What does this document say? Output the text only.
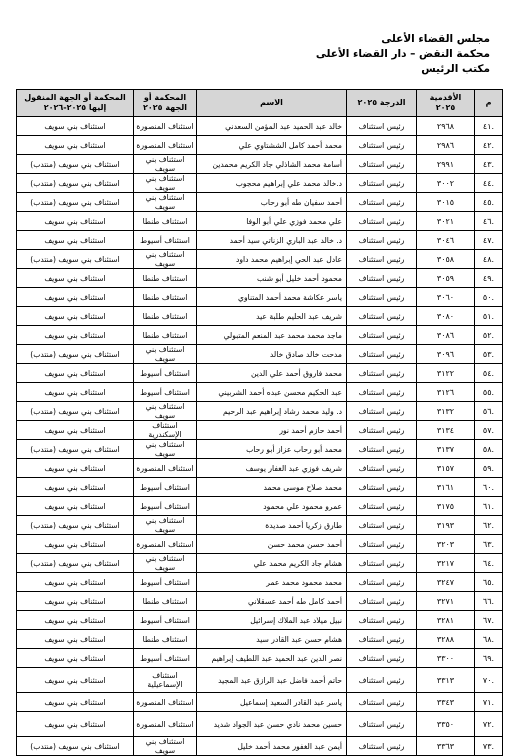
مجلس القضاء الأعلى
محكمة النقض – دار القضاء الأعلى
مكتب الرئيس
م	الأقدمية ٢٠٢٥	الدرجة ٢٠٢٥	الاسم	المحكمة أو الجهة ٢٠٢٥	المحكمة أو الجهة المنقول إليها ٢٠٢٥-٢٠٢٦
.٤١	٢٩٦٨	رئيس استئناف	خالد عبد الحميد عبد المؤمن السعدني	استئناف المنصورة	استئناف بني سويف
.٤٢	٢٩٨٦	رئيس استئناف	محمد أحمد كامل الششتاوي علي	استئناف المنصورة	استئناف بني سويف
.٤٣	٢٩٩١	رئيس استئناف	أسامة محمد الشاذلي جاد الكريم محمدين	استئناف بني سويف	استئناف بني سويف (منتدب)
.٤٤	٣٠٠٢	رئيس استئناف	د.خالد محمد علي إبراهيم محجوب	استئناف بني سويف	استئناف بني سويف (منتدب)
.٤٥	٣٠١٥	رئيس استئناف	أحمد سفيان طه أبو رحاب	استئناف بني سويف	استئناف بني سويف (منتدب)
.٤٦	٣٠٢١	رئيس استئناف	علي محمد فوزي علي أبو الوفا	استئناف طنطا	استئناف بني سويف
.٤٧	٣٠٤٦	رئيس استئناف	د. خالد عبد الباري الزناتي سيد أحمد	استئناف أسيوط	استئناف بني سويف
.٤٨	٣٠٥٨	رئيس استئناف	عادل عبد الحي إبراهيم محمد داود	استئناف بني سويف	استئناف بني سويف (منتدب)
.٤٩	٣٠٥٩	رئيس استئناف	محمود أحمد خليل أبو شنب	استئناف طنطا	استئناف بني سويف
.٥٠	٣٠٦٠	رئيس استئناف	ياسر عكاشة محمد أحمد المتناوي	استئناف طنطا	استئناف بني سويف
.٥١	٣٠٨٠	رئيس استئناف	شريف عبد الحليم طلبة عيد	استئناف طنطا	استئناف بني سويف
.٥٢	٣٠٨٦	رئيس استئناف	ماجد محمد محمد عبد المنعم المتبولي	استئناف طنطا	استئناف بني سويف
.٥٣	٣٠٩٦	رئيس استئناف	مدحت خالد صادق خالد	استئناف بني سويف	استئناف بني سويف (منتدب)
.٥٤	٣١٢٢	رئيس استئناف	محمد فاروق أحمد علي الدين	استئناف أسيوط	استئناف بني سويف
.٥٥	٣١٢٦	رئيس استئناف	عبد الحكيم محسن عبده أحمد الشربيني	استئناف أسيوط	استئناف بني سويف
.٥٦	٣١٣٢	رئيس استئناف	د. وليد محمد رشاد إبراهيم عبد الرحيم	استئناف بني سويف	استئناف بني سويف (منتدب)
.٥٧	٣١٣٤	رئيس استئناف	أحمد حازم أحمد نور	استئناف الإسكندرية	استئناف بني سويف
.٥٨	٣١٣٧	رئيس استئناف	محمد أبو رحاب عزاز أبو رحاب	استئناف بني سويف	استئناف بني سويف (منتدب)
.٥٩	٣١٥٧	رئيس استئناف	شريف فوزي عبد الغفار يوسف	استئناف المنصورة	استئناف بني سويف
.٦٠	٣١٦١	رئيس استئناف	محمد صلاح موسى محمد	استئناف أسيوط	استئناف بني سويف
.٦١	٣١٧٥	رئيس استئناف	عمرو محمود علي محمود	استئناف أسيوط	استئناف بني سويف
.٦٢	٣١٩٣	رئيس استئناف	طارق زكريا أحمد صديدة	استئناف بني سويف	استئناف بني سويف (منتدب)
.٦٣	٣٢٠٣	رئيس استئناف	أحمد حسن محمد حسن	استئناف المنصورة	استئناف بني سويف
.٦٤	٣٢١٧	رئيس استئناف	هشام جاد الكريم محمد علي	استئناف بني سويف	استئناف بني سويف (منتدب)
.٦٥	٣٢٤٧	رئيس استئناف	محمد محمود محمد عمر	استئناف أسيوط	استئناف بني سويف
.٦٦	٣٢٧١	رئيس استئناف	أحمد كامل طه أحمد عسقلاني	استئناف طنطا	استئناف بني سويف
.٦٧	٣٢٨١	رئيس استئناف	نبيل ميلاد عبد الملاك إسرائيل	استئناف أسيوط	استئناف بني سويف
.٦٨	٣٢٨٨	رئيس استئناف	هشام حسن عبد القادر سيد	استئناف طنطا	استئناف بني سويف
.٦٩	٣٣٠٠	رئيس استئناف	نصر الدين عبد الحميد عبد اللطيف إبراهيم	استئناف أسيوط	استئناف بني سويف
.٧٠	٣٣١٣	رئيس استئناف	حاتم أحمد فاضل عبد الرازق عبد المجيد	استئناف الإسماعيلية	استئناف بني سويف
.٧١	٣٣٤٣	رئيس استئناف	ياسر عبد القادر السعيد إسماعيل	استئناف المنصورة	استئناف بني سويف
.٧٢	٣٣٥٠	رئيس استئناف	حسين محمد نادي حسن عبد الجواد شديد	استئناف المنصورة	استئناف بني سويف
.٧٣	٣٣٦٣	رئيس استئناف	أيمن عبد الغفور محمد أحمد خليل	استئناف بني سويف	استئناف بني سويف (منتدب)
